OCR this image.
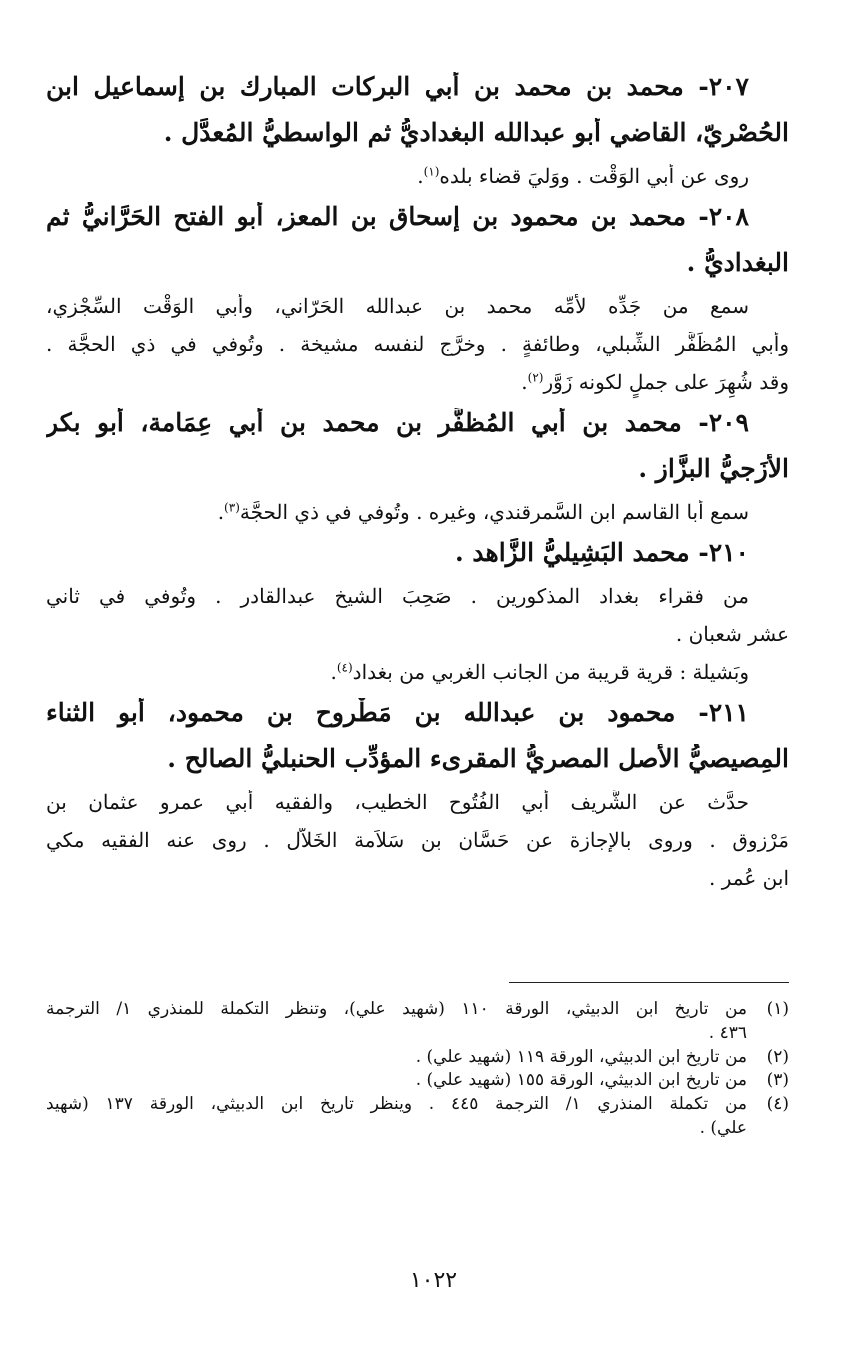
٢٠٧- محمد بن محمد بن أبي البركات المبارك بن إسماعيل ابن

الحُصْريّ، القاضي أبو عبدالله البغداديُّ ثم الواسطيُّ المُعدَّل .

روى عن أبي الوَقْت . ووَليَ قضاء بلده$^{(١)}$.

٢٠٨- محمد بن محمود بن إسحاق بن المعز، أبو الفتح الحَرَّانيُّ ثم

البغداديُّ .

سمع من جَدِّه لأمِّه محمد بن عبدالله الحَرّاني، وأبي الوَقْت السِّجْزي،

وأبي المُظَفَّر الشِّبلي، وطائفةٍ . وخرَّج لنفسه مشيخة . وتُوفي في ذي الحجَّة .

وقد شُهِرَ على جملٍ لكونه زَوَّر$^{(٢)}$.

٢٠٩- محمد بن أبي المُظفَّر بن محمد بن أبي عِمَامة، أبو بكر

الأزَجيُّ البزَّاز .

سمع أبا القاسم ابن السَّمرقندي، وغيره . وتُوفي في ذي الحجَّة$^{(٣)}$.

٢١٠- محمد البَشِيليُّ الزَّاهد .

من فقراء بغداد المذكورين . صَحِبَ الشيخ عبدالقادر . وتُوفي في ثاني

عشر شعبان .

وبَشيلة : قرية قريبة من الجانب الغربي من بغداد$^{(٤)}$.

٢١١- محمود بن عبدالله بن مَطْروح بن محمود، أبو الثناء

المِصيصيُّ الأصل المصريُّ المقرىء المؤدِّب الحنبليُّ الصالح .

حدَّث عن الشَّريف أبي الفُتُوح الخطيب، والفقيه أبي عمرو عثمان بن

مَرْزوق . وروى بالإجازة عن حَسَّان بن سَلاَمة الخَلاَّل . روى عنه الفقيه مكي

ابن عُمر .

(١)
من تاريخ ابن الدبيثي، الورقة ١١٠ (شهيد علي)، وتنظر التكملة للمنذري ١/ الترجمة
٤٣٦ .
(٢)
من تاريخ ابن الدبيثي، الورقة ١١٩ (شهيد علي) .
(٣)
من تاريخ ابن الدبيثي، الورقة ١٥٥ (شهيد علي) .
(٤)
من تكملة المنذري ١/ الترجمة ٤٤٥ . وينظر تاريخ ابن الدبيثي، الورقة ١٣٧ (شهيد
علي) .
١٠٢٢
